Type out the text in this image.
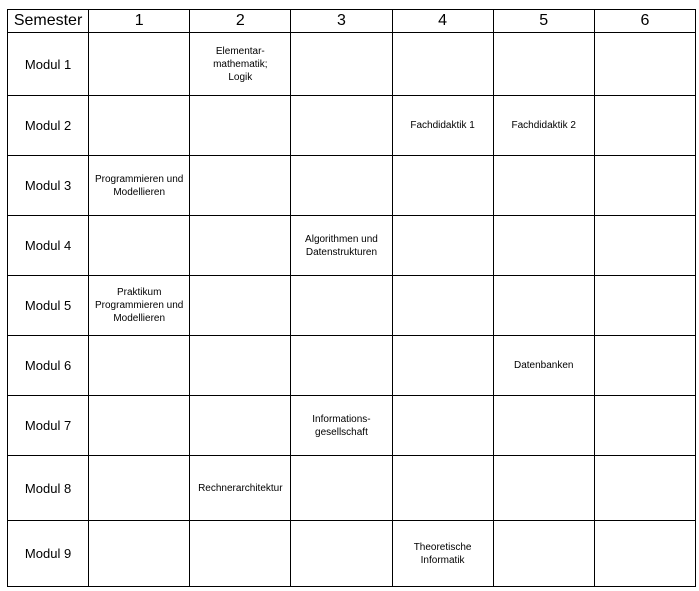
Semester	1	2	3	4	5	6
Modul 1		Elementar-
mathematik;
Logik				
Modul 2				Fachdidaktik 1	Fachdidaktik 2	
Modul 3	Programmieren und
Modellieren					
Modul 4			Algorithmen und
Datenstrukturen			
Modul 5	Praktikum
Programmieren und
Modellieren					
Modul 6					Datenbanken	
Modul 7			Informations-
gesellschaft			
Modul 8		Rechnerarchitektur				
Modul 9				Theoretische
Informatik		
